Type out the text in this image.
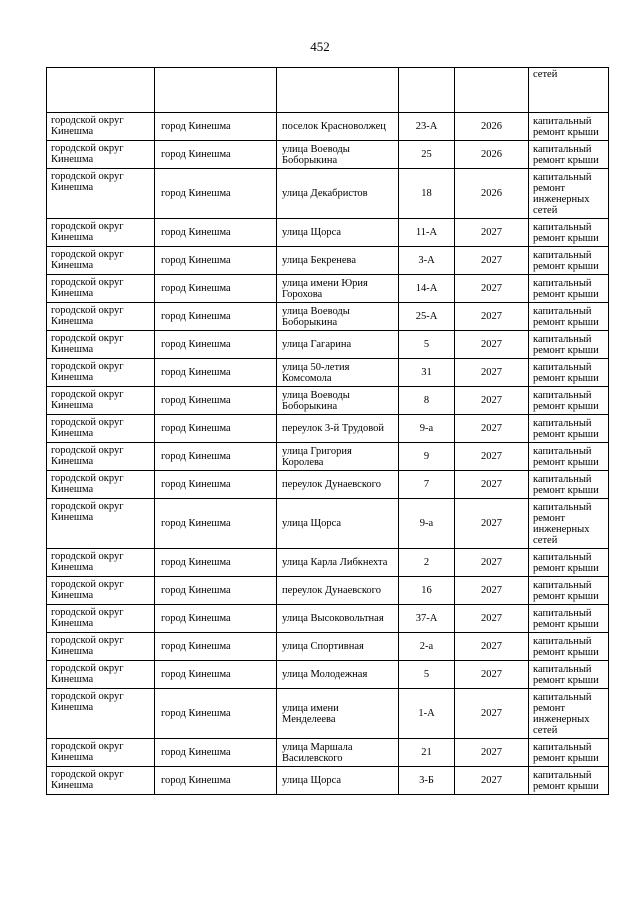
452
					сетей
городской округ Кинешма	город Кинешма	поселок Красноволжец	23-А	2026	капитальный ремонт крыши
городской округ Кинешма	город Кинешма	улица Воеводы Боборыкина	25	2026	капитальный ремонт крыши
городской округ Кинешма	город Кинешма	улица Декабристов	18	2026	капитальный ремонт инженерных сетей
городской округ Кинешма	город Кинешма	улица Щорса	11-А	2027	капитальный ремонт крыши
городской округ Кинешма	город Кинешма	улица Бекренева	3-А	2027	капитальный ремонт крыши
городской округ Кинешма	город Кинешма	улица имени Юрия Горохова	14-А	2027	капитальный ремонт крыши
городской округ Кинешма	город Кинешма	улица Воеводы Боборыкина	25-А	2027	капитальный ремонт крыши
городской округ Кинешма	город Кинешма	улица Гагарина	5	2027	капитальный ремонт крыши
городской округ Кинешма	город Кинешма	улица 50-летия Комсомола	31	2027	капитальный ремонт крыши
городской округ Кинешма	город Кинешма	улица Воеводы Боборыкина	8	2027	капитальный ремонт крыши
городской округ Кинешма	город Кинешма	переулок 3-й Трудовой	9-а	2027	капитальный ремонт крыши
городской округ Кинешма	город Кинешма	улица Григория Королева	9	2027	капитальный ремонт крыши
городской округ Кинешма	город Кинешма	переулок Дунаевского	7	2027	капитальный ремонт крыши
городской округ Кинешма	город Кинешма	улица Щорса	9-а	2027	капитальный ремонт инженерных сетей
городской округ Кинешма	город Кинешма	улица Карла Либкнехта	2	2027	капитальный ремонт крыши
городской округ Кинешма	город Кинешма	переулок Дунаевского	16	2027	капитальный ремонт крыши
городской округ Кинешма	город Кинешма	улица Высоковольтная	37-А	2027	капитальный ремонт крыши
городской округ Кинешма	город Кинешма	улица Спортивная	2-а	2027	капитальный ремонт крыши
городской округ Кинешма	город Кинешма	улица Молодежная	5	2027	капитальный ремонт крыши
городской округ Кинешма	город Кинешма	улица имени Менделеева	1-А	2027	капитальный ремонт инженерных сетей
городской округ Кинешма	город Кинешма	улица Маршала Василевского	21	2027	капитальный ремонт крыши
городской округ Кинешма	город Кинешма	улица Щорса	3-Б	2027	капитальный ремонт крыши
